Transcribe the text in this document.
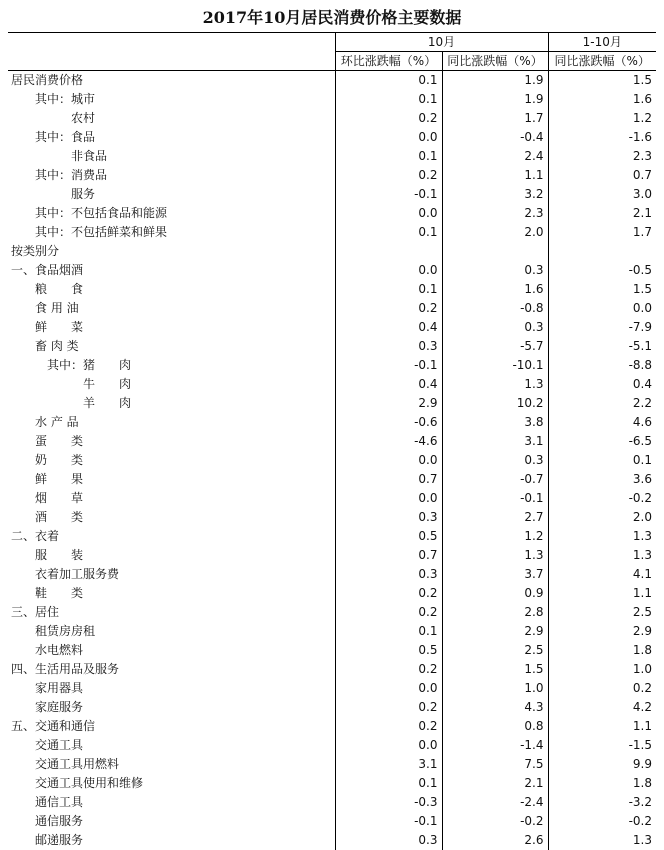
2017年10月居民消费价格主要数据
	10月		1-10月
	环比涨跌幅（%）	同比涨跌幅（%）	同比涨跌幅（%）
居民消费价格	0.1	1.9	1.5
其中：城市	0.1	1.9	1.6
农村	0.2	1.7	1.2
其中：食品	0.0	-0.4	-1.6
非食品	0.1	2.4	2.3
其中：消费品	0.2	1.1	0.7
服务	-0.1	3.2	3.0
其中：不包括食品和能源	0.0	2.3	2.1
其中：不包括鲜菜和鲜果	0.1	2.0	1.7
按类别分			
一、食品烟酒	0.0	0.3	-0.5
粮　　食	0.1	1.6	1.5
食 用 油	0.2	-0.8	0.0
鲜　　菜	0.4	0.3	-7.9
畜 肉 类	0.3	-5.7	-5.1
其中：猪　　肉	-0.1	-10.1	-8.8
牛　　肉	0.4	1.3	0.4
羊　　肉	2.9	10.2	2.2
水 产 品	-0.6	3.8	4.6
蛋　　类	-4.6	3.1	-6.5
奶　　类	0.0	0.3	0.1
鲜　　果	0.7	-0.7	3.6
烟　　草	0.0	-0.1	-0.2
酒　　类	0.3	2.7	2.0
二、衣着	0.5	1.2	1.3
服　　装	0.7	1.3	1.3
衣着加工服务费	0.3	3.7	4.1
鞋　　类	0.2	0.9	1.1
三、居住	0.2	2.8	2.5
租赁房房租	0.1	2.9	2.9
水电燃料	0.5	2.5	1.8
四、生活用品及服务	0.2	1.5	1.0
家用器具	0.0	1.0	0.2
家庭服务	0.2	4.3	4.2
五、交通和通信	0.2	0.8	1.1
交通工具	0.0	-1.4	-1.5
交通工具用燃料	3.1	7.5	9.9
交通工具使用和维修	0.1	2.1	1.8
通信工具	-0.3	-2.4	-3.2
通信服务	-0.1	-0.2	-0.2
邮递服务	0.3	2.6	1.3
